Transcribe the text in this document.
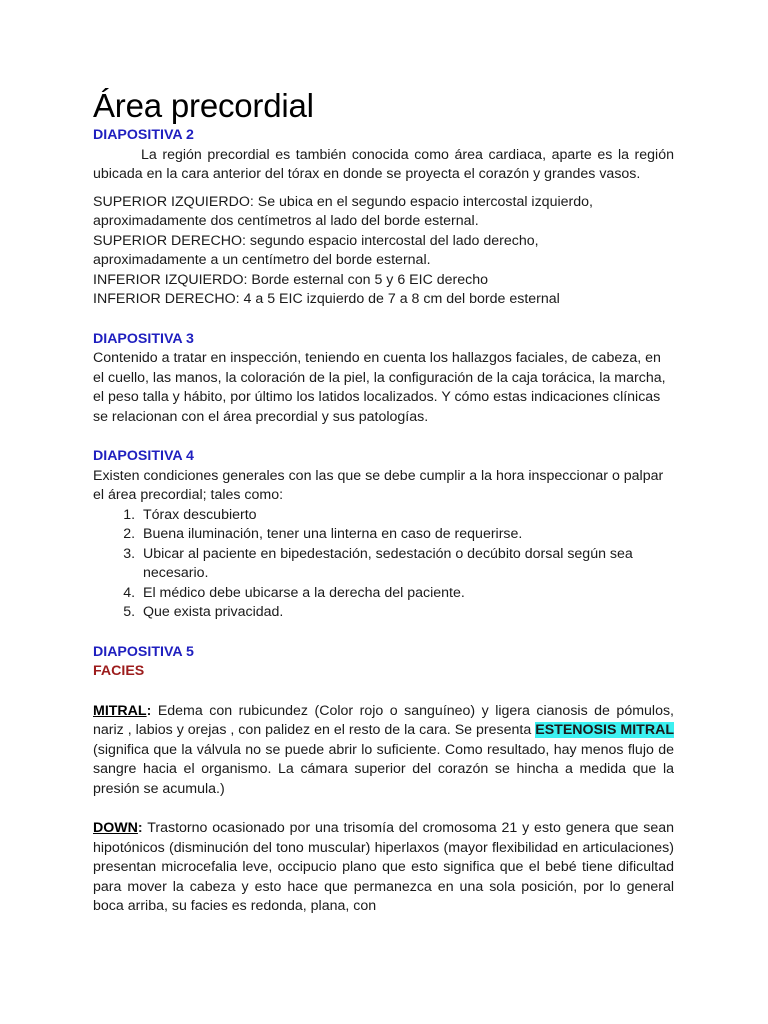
Área precordial
DIAPOSITIVA 2
La región precordial es también conocida como área cardiaca, aparte es la región ubicada en la cara anterior del tórax en donde se proyecta el corazón y grandes vasos.
SUPERIOR IZQUIERDO: Se ubica en el segundo espacio intercostal izquierdo,
aproximadamente dos centímetros al lado del borde esternal.
SUPERIOR DERECHO: segundo espacio intercostal del lado derecho,
aproximadamente a un centímetro del borde esternal.
INFERIOR IZQUIERDO: Borde esternal con 5 y 6 EIC derecho
INFERIOR DERECHO: 4 a 5 EIC izquierdo de 7 a 8 cm del borde esternal
DIAPOSITIVA 3
Contenido a tratar en inspección, teniendo en cuenta los hallazgos faciales, de cabeza, en el cuello, las manos, la coloración de la piel, la configuración de la caja torácica, la marcha, el peso talla y hábito, por último los latidos localizados. Y cómo estas indicaciones clínicas se relacionan con el área precordial y sus patologías.
DIAPOSITIVA 4
Existen condiciones generales con las que se debe cumplir a la hora inspeccionar o palpar el área precordial; tales como:
1. Tórax descubierto
2. Buena iluminación, tener una linterna en caso de requerirse.
3. Ubicar al paciente en bipedestación, sedestación o decúbito dorsal según sea necesario.
4. El médico debe ubicarse a la derecha del paciente.
5. Que exista privacidad.
DIAPOSITIVA 5
FACIES
MITRAL: Edema con rubicundez (Color rojo o sanguíneo) y ligera cianosis de pómulos, nariz , labios y orejas , con palidez en el resto de la cara. Se presenta ESTENOSIS MITRAL (significa que la válvula no se puede abrir lo suficiente. Como resultado, hay menos flujo de sangre hacia el organismo. La cámara superior del corazón se hincha a medida que la presión se acumula.)
DOWN: Trastorno ocasionado por una trisomía del cromosoma 21 y esto genera que sean hipotónicos (disminución del tono muscular) hiperlaxos (mayor flexibilidad en articulaciones) presentan microcefalia leve, occipucio plano que esto significa que el bebé tiene dificultad para mover la cabeza y esto hace que permanezca en una sola posición, por lo general boca arriba, su facies es redonda, plana, con
